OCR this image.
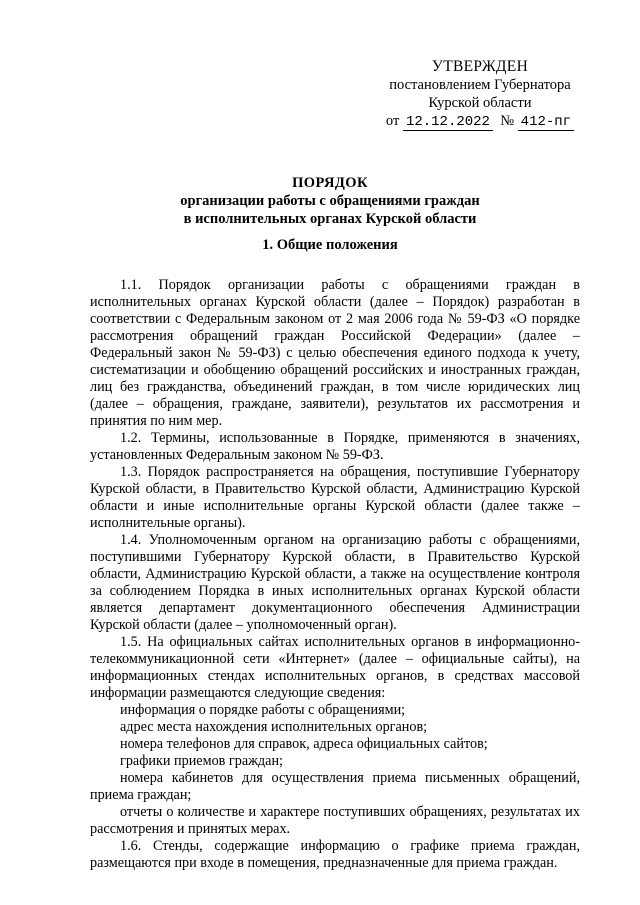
УТВЕРЖДЕН
постановлением Губернатора
Курской области
от 12.12.2022 № 412-пг
ПОРЯДОК
организации работы с обращениями граждан
в исполнительных органах Курской области
1. Общие положения

1.1. Порядок организации работы с обращениями граждан в исполнительных органах Курской области (далее – Порядок) разработан в соответствии с Федеральным законом от 2 мая 2006 года № 59-ФЗ «О порядке рассмотрения обращений граждан Российской Федерации» (далее – Федеральный закон № 59-ФЗ) с целью обеспечения единого подхода к учету, систематизации и обобщению обращений российских и иностранных граждан, лиц без гражданства, объединений граждан, в том числе юридических лиц (далее – обращения, граждане, заявители), результатов их рассмотрения и принятия по ним мер.

1.2. Термины, использованные в Порядке, применяются в значениях, установленных Федеральным законом № 59-ФЗ.

1.3. Порядок распространяется на обращения, поступившие Губернатору Курской области, в Правительство Курской области, Администрацию Курской области и иные исполнительные органы Курской области (далее также – исполнительные органы).

1.4. Уполномоченным органом на организацию работы с обращениями, поступившими Губернатору Курской области, в Правительство Курской области, Администрацию Курской области, а также на осуществление контроля за соблюдением Порядка в иных исполнительных органах Курской области является департамент документационного обеспечения Администрации Курской области (далее – уполномоченный орган).

1.5. На официальных сайтах исполнительных органов в информационно-телекоммуникационной сети «Интернет» (далее – официальные сайты), на информационных стендах исполнительных органов, в средствах массовой информации размещаются следующие сведения:

информация о порядке работы с обращениями;

адрес места нахождения исполнительных органов;

номера телефонов для справок, адреса официальных сайтов;

графики приемов граждан;

номера кабинетов для осуществления приема письменных обращений, приема граждан;

отчеты о количестве и характере поступивших обращениях, результатах их рассмотрения и принятых мерах.

1.6. Стенды, содержащие информацию о графике приема граждан, размещаются при входе в помещения, предназначенные для приема граждан.
